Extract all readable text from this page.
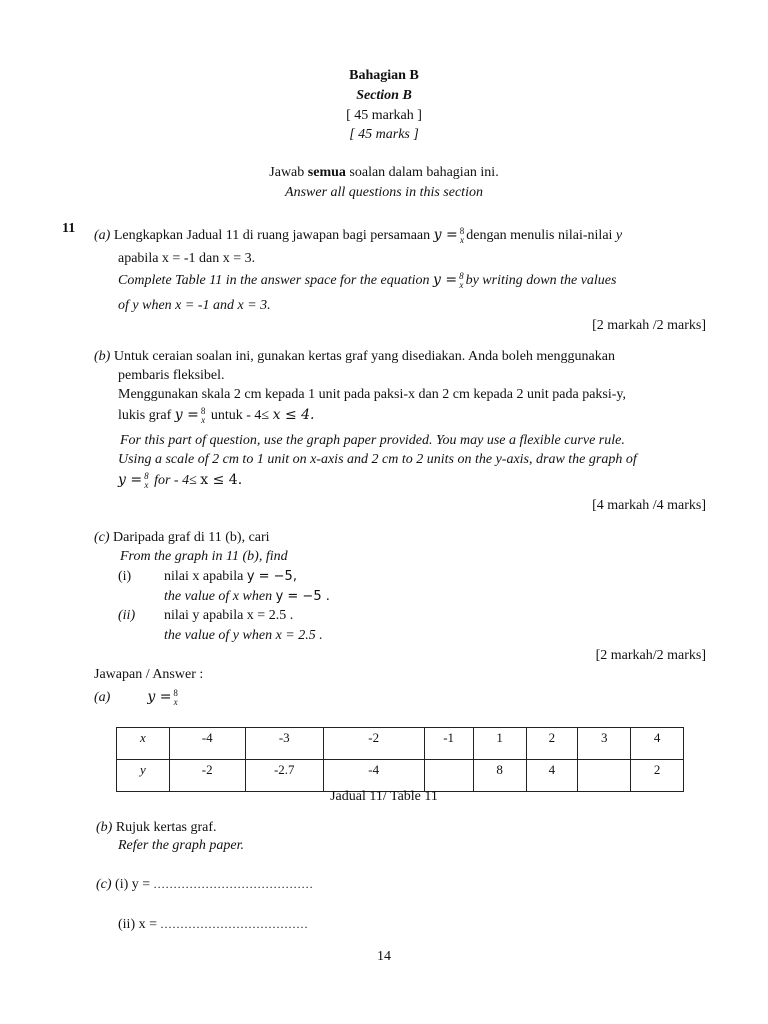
Bahagian B
Section B
[ 45 markah ]
[ 45 marks ]
Jawab semua soalan dalam bahagian ini.
Answer all questions in this section
11 (a) Lengkapkan Jadual 11 di ruang jawapan bagi persamaan y = 8
x dengan menulis nilai-nilai y
apabila x = -1 dan x = 3.
Complete Table 11 in the answer space for the equation y = 8
x by writing down the values
of y when x = -1 and x = 3.
[2 markah /2 marks]
(b) Untuk ceraian soalan ini, gunakan kertas graf yang disediakan. Anda boleh menggunakan
pembaris fleksibel.
Menggunakan skala 2 cm kepada 1 unit pada paksi-x dan 2 cm kepada 2 unit pada paksi-y,
lukis graf y = 8
x untuk - 4≤ x ≤ 4.
For this part of question, use the graph paper provided. You may use a flexible curve rule.
Using a scale of 2 cm to 1 unit on x-axis and 2 cm to 2 units on the y-axis, draw the graph of
y = 8
x for - 4≤ x ≤ 4.
[4 markah /4 marks]
(c) Daripada graf di 11 (b), cari
From the graph in 11 (b), find
(i) nilai x apabila y = −5,
the value of x when y = −5 .
(ii) nilai y apabila x = 2.5 .
the value of y when x = 2.5 .
[2 markah/2 marks]
Jawapan / Answer :
(a)	y = 8
x
x	-4	-3	-2	-1	1	2	3	4
y	-2	-2.7	-4		8	4		2
Jadual 11/ Table 11
(b) Rujuk kertas graf.
Refer the graph paper.
(c) (i) y = ........................................
(ii) x = .....................................
14
